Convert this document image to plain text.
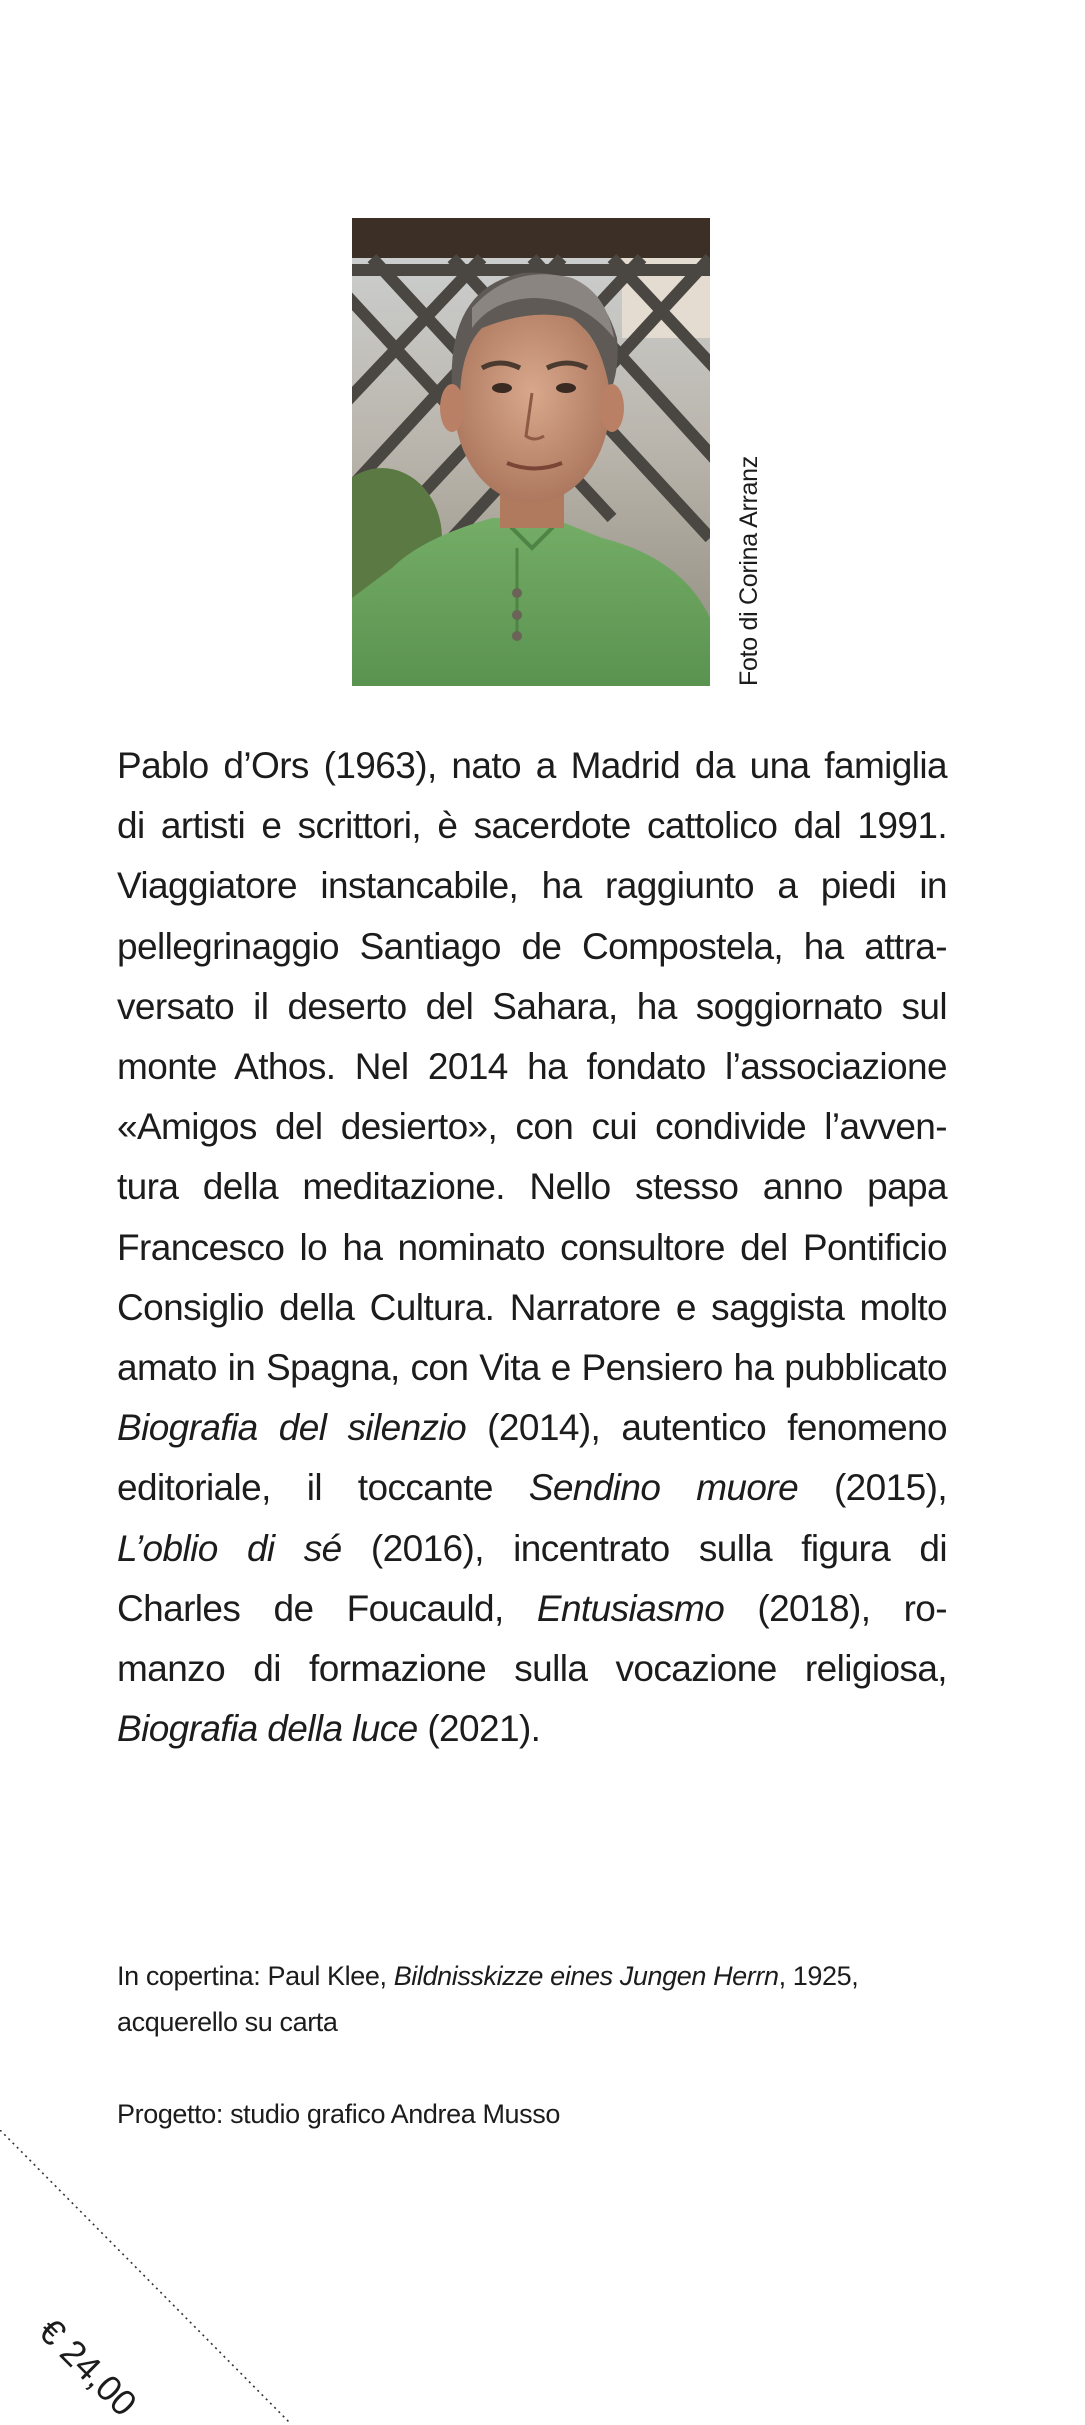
Foto di Corina Arranz
Pablo d’Ors (1963), nato a Madrid da una famiglia
di artisti e scrittori, è sacerdote cattolico dal 1991.
Viaggiatore instancabile, ha raggiunto a piedi in
pellegrinaggio Santiago de Compostela, ha attra-
versato il deserto del Sahara, ha soggiornato sul
monte Athos. Nel 2014 ha fondato l’associazione
«Amigos del desierto», con cui condivide l’avven-
tura della meditazione. Nello stesso anno papa
Francesco lo ha nominato consultore del Pontificio
Consiglio della Cultura. Narratore e saggista molto
amato in Spagna, con Vita e Pensiero ha pubblicato
Biografia del silenzio (2014), autentico fenomeno
editoriale, il toccante Sendino muore (2015),
L’oblio di sé (2016), incentrato sulla figura di
Charles de Foucauld, Entusiasmo (2018), ro-
manzo di formazione sulla vocazione religiosa,
Biografia della luce (2021).
In copertina: Paul Klee, Bildnisskizze eines Jungen Herrn, 1925,
acquerello su carta
Progetto: studio grafico Andrea Musso
€ 24,00
